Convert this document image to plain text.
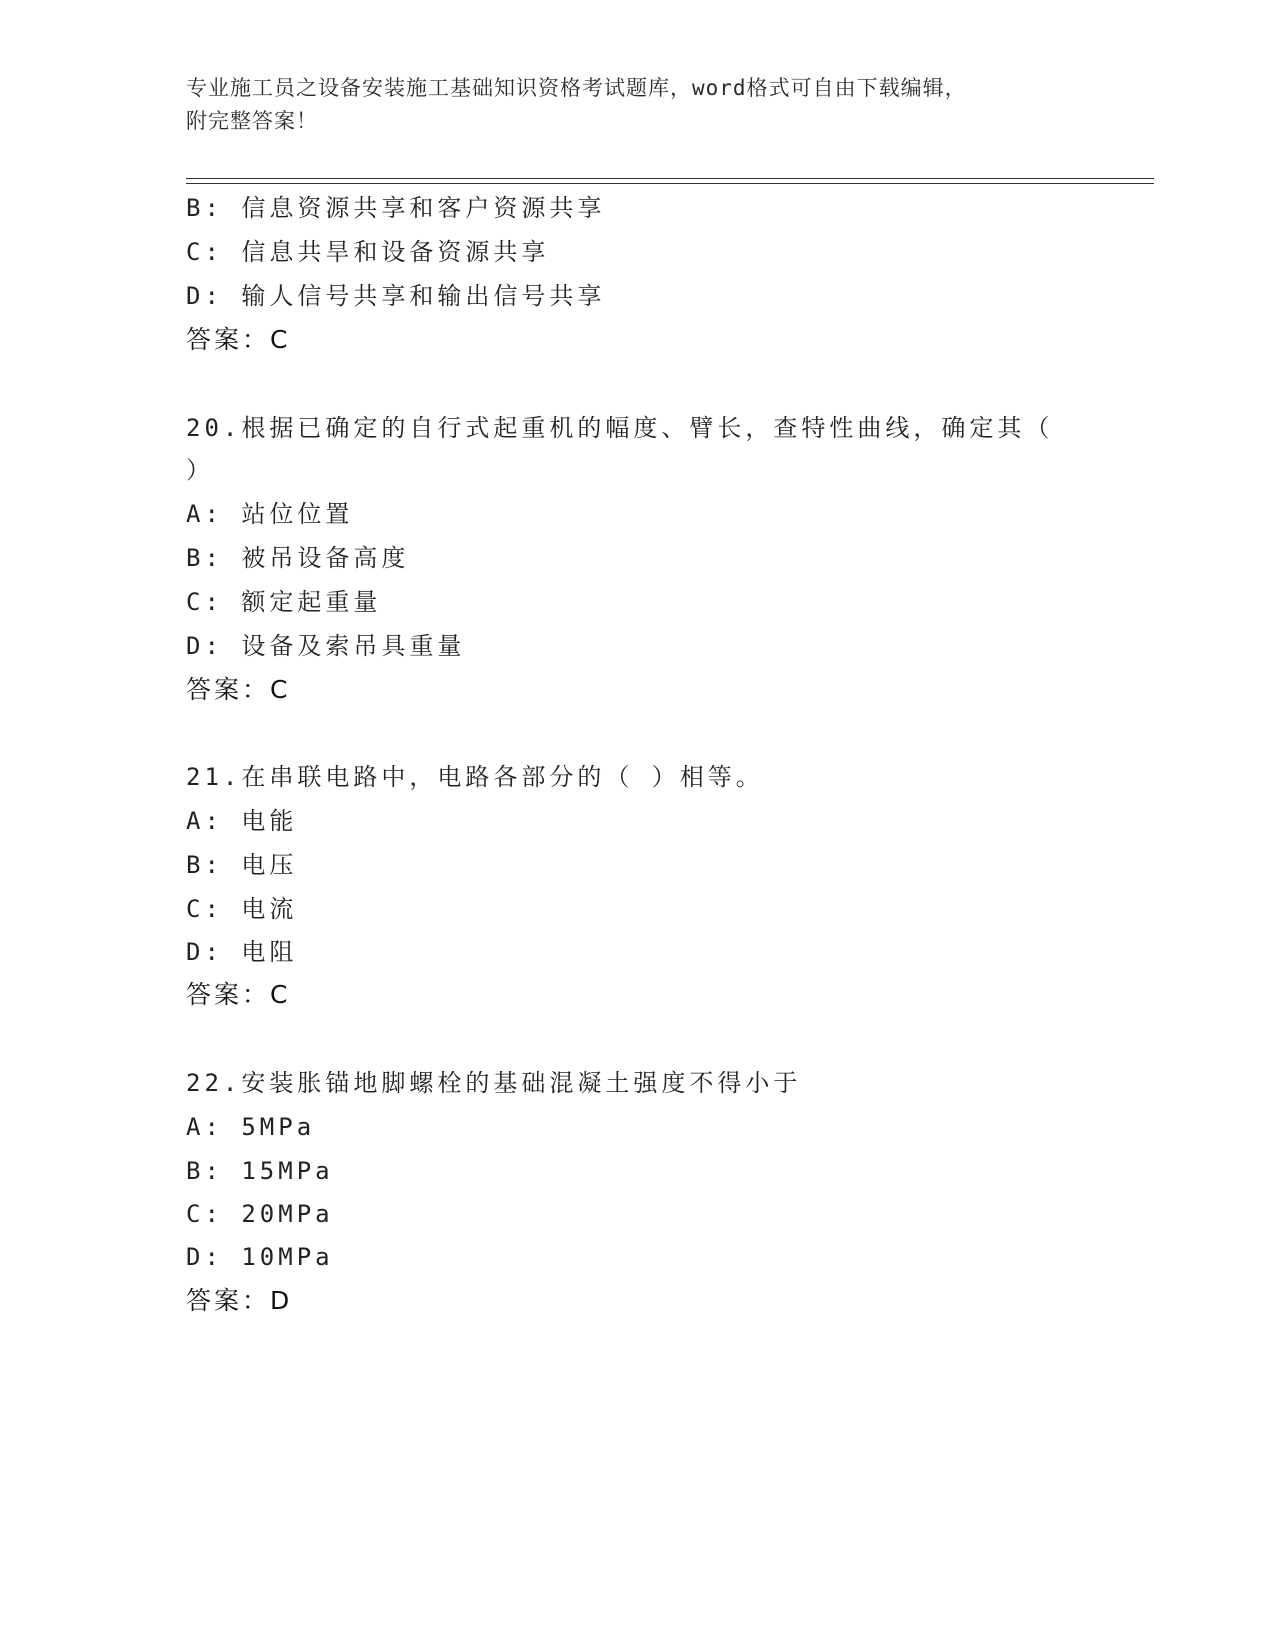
专业施工员之设备安装施工基础知识资格考试题库，word格式可自由下载编辑，
附完整答案！
B: 信息资源共享和客户资源共享
C: 信息共旱和设备资源共享
D: 输人信号共享和输出信号共享
答案：C
20.根据已确定的自行式起重机的幅度、臂长，查特性曲线，确定其（
）
A: 站位位置
B: 被吊设备高度
C: 额定起重量
D: 设备及索吊具重量
答案：C
21.在串联电路中，电路各部分的（ ）相等。
A: 电能
B: 电压
C: 电流
D: 电阻
答案：C
22.安装胀锚地脚螺栓的基础混凝土强度不得小于
A: 5MPa
B: 15MPa
C: 20MPa
D: 10MPa
答案：D
